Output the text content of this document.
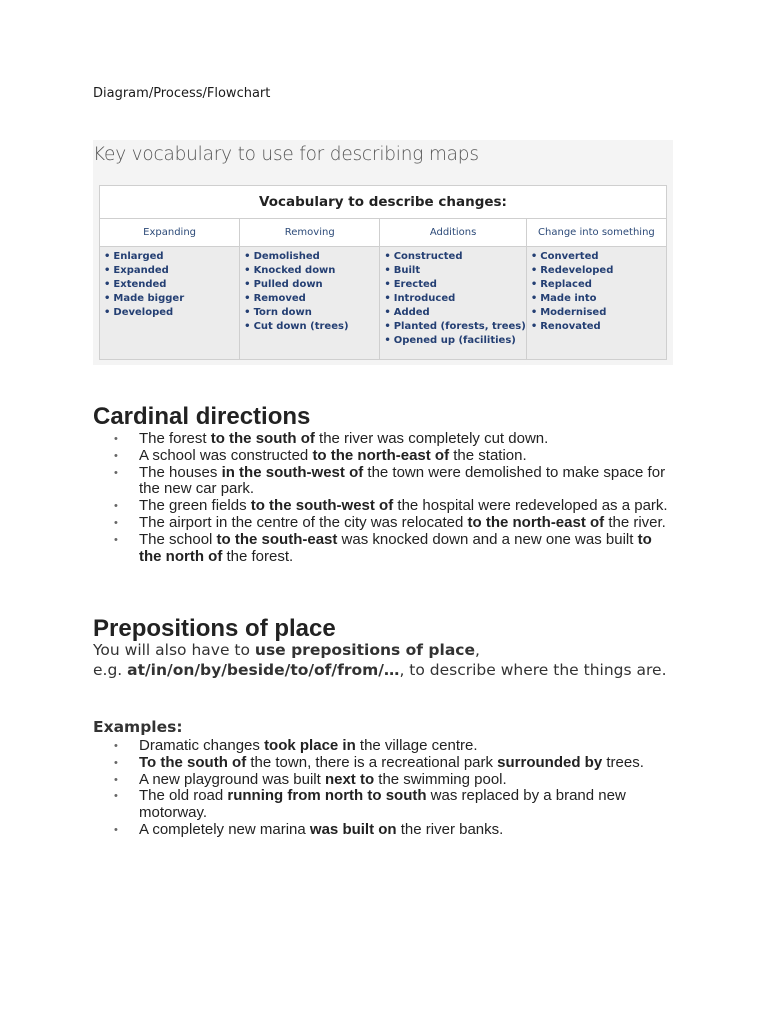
Diagram/Process/Flowchart
Key vocabulary to use for describing maps
Vocabulary to describe changes:
Expanding
• Enlarged
• Expanded
• Extended
• Made bigger
• Developed
Removing
• Demolished
• Knocked down
• Pulled down
• Removed
• Torn down
• Cut down (trees)
Additions
• Constructed
• Built
• Erected
• Introduced
• Added
• Planted (forests, trees)
• Opened up (facilities)
Change into something
• Converted
• Redeveloped
• Replaced
• Made into
• Modernised
• Renovated
Cardinal directions
• The forest to the south of the river was completely cut down.
• A school was constructed to the north-east of the station.
• The houses in the south-west of the town were demolished to make space for the new car park.
• The green fields to the south-west of the hospital were redeveloped as a park.
• The airport in the centre of the city was relocated to the north-east of the river.
• The school to the south-east was knocked down and a new one was built to the north of the forest.
Prepositions of place

You will also have to use prepositions of place,
e.g. at/in/on/by/beside/to/of/from/…, to describe where the things are.

Examples:
• Dramatic changes took place in the village centre.
• To the south of the town, there is a recreational park surrounded by trees.
• A new playground was built next to the swimming pool.
• The old road running from north to south was replaced by a brand new motorway.
• A completely new marina was built on the river banks.
